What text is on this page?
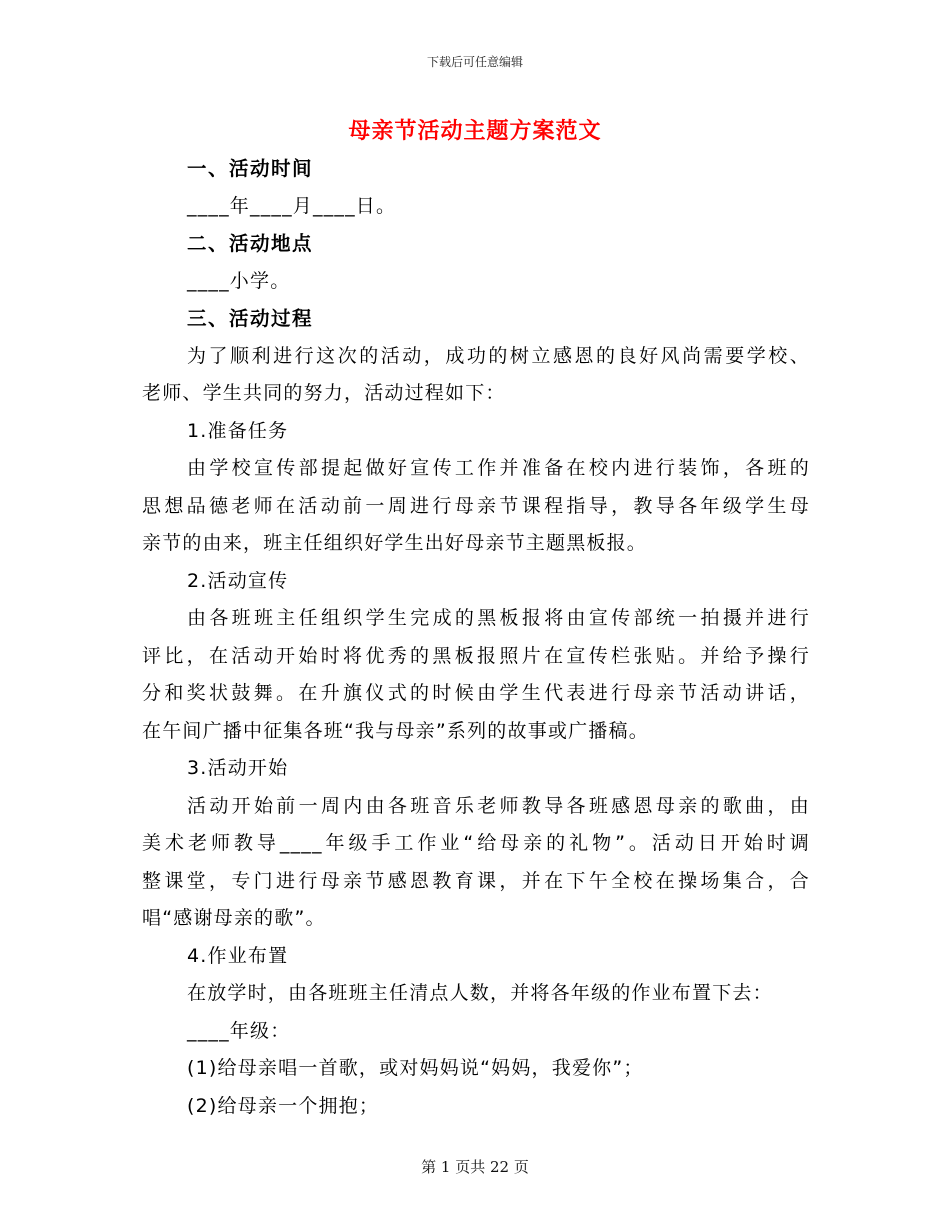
下载后可任意编辑
母亲节活动主题方案范文
一、活动时间
____年____月____日。
二、活动地点
____小学。
三、活动过程
为了顺利进行这次的活动，成功的树立感恩的良好风尚需要学校、
老师、学生共同的努力，活动过程如下：
1.准备任务
由学校宣传部提起做好宣传工作并准备在校内进行装饰，各班的
思想品德老师在活动前一周进行母亲节课程指导，教导各年级学生母
亲节的由来，班主任组织好学生出好母亲节主题黑板报。
2.活动宣传
由各班班主任组织学生完成的黑板报将由宣传部统一拍摄并进行
评比，在活动开始时将优秀的黑板报照片在宣传栏张贴。并给予操行
分和奖状鼓舞。在升旗仪式的时候由学生代表进行母亲节活动讲话，
在午间广播中征集各班“我与母亲”系列的故事或广播稿。
3.活动开始
活动开始前一周内由各班音乐老师教导各班感恩母亲的歌曲，由
美术老师教导____年级手工作业“给母亲的礼物”。活动日开始时调
整课堂，专门进行母亲节感恩教育课，并在下午全校在操场集合，合
唱“感谢母亲的歌”。
4.作业布置
在放学时，由各班班主任清点人数，并将各年级的作业布置下去：
____年级：
(1)给母亲唱一首歌，或对妈妈说“妈妈，我爱你”；
(2)给母亲一个拥抱；
第 1 页共 22 页
